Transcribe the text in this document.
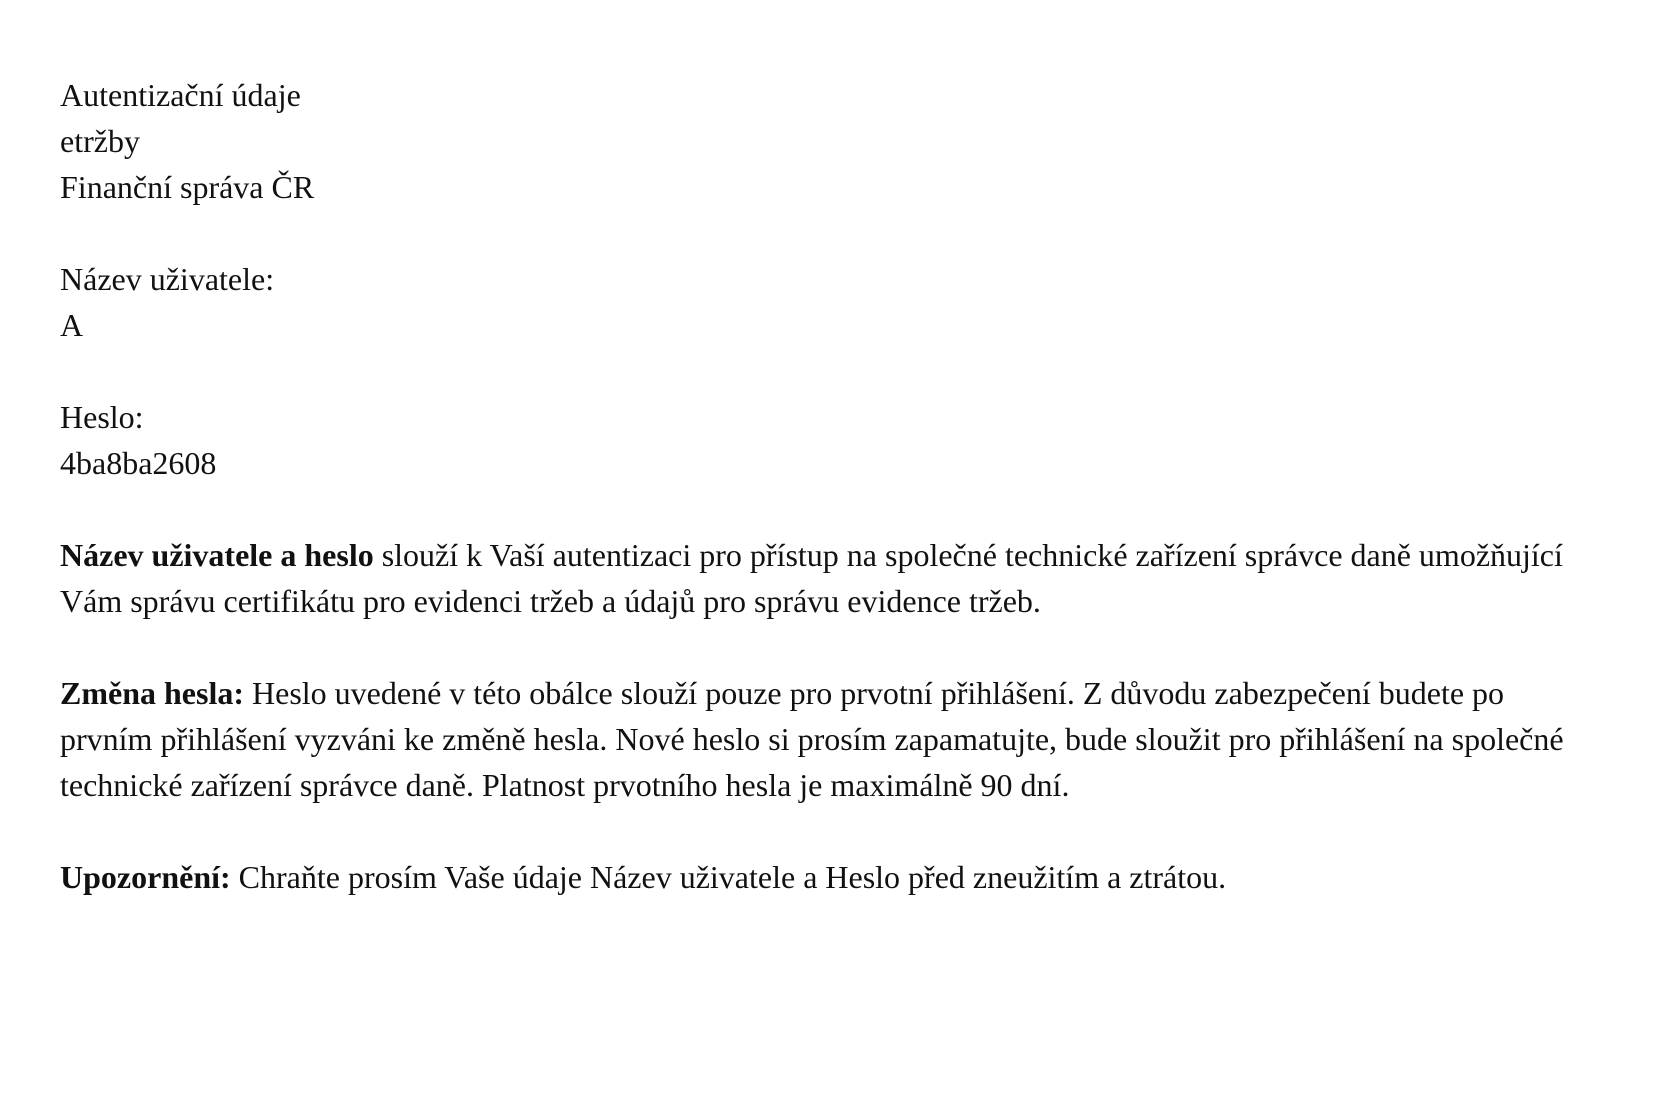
Autentizační údaje
etržby
Finanční správa ČR
Název uživatele:
A
Heslo:
4ba8ba2608

Název uživatele a heslo slouží k Vaší autentizaci pro přístup na společné technické zařízení správce daně umožňující Vám správu certifikátu pro evidenci tržeb a údajů pro správu evidence tržeb.

Změna hesla: Heslo uvedené v této obálce slouží pouze pro prvotní přihlášení. Z důvodu zabezpečení budete po prvním přihlášení vyzváni ke změně hesla. Nové heslo si prosím zapamatujte, bude sloužit pro přihlášení na společné technické zařízení správce daně. Platnost prvotního hesla je maximálně 90 dní.

Upozornění: Chraňte prosím Vaše údaje Název uživatele a Heslo před zneužitím a ztrátou.
